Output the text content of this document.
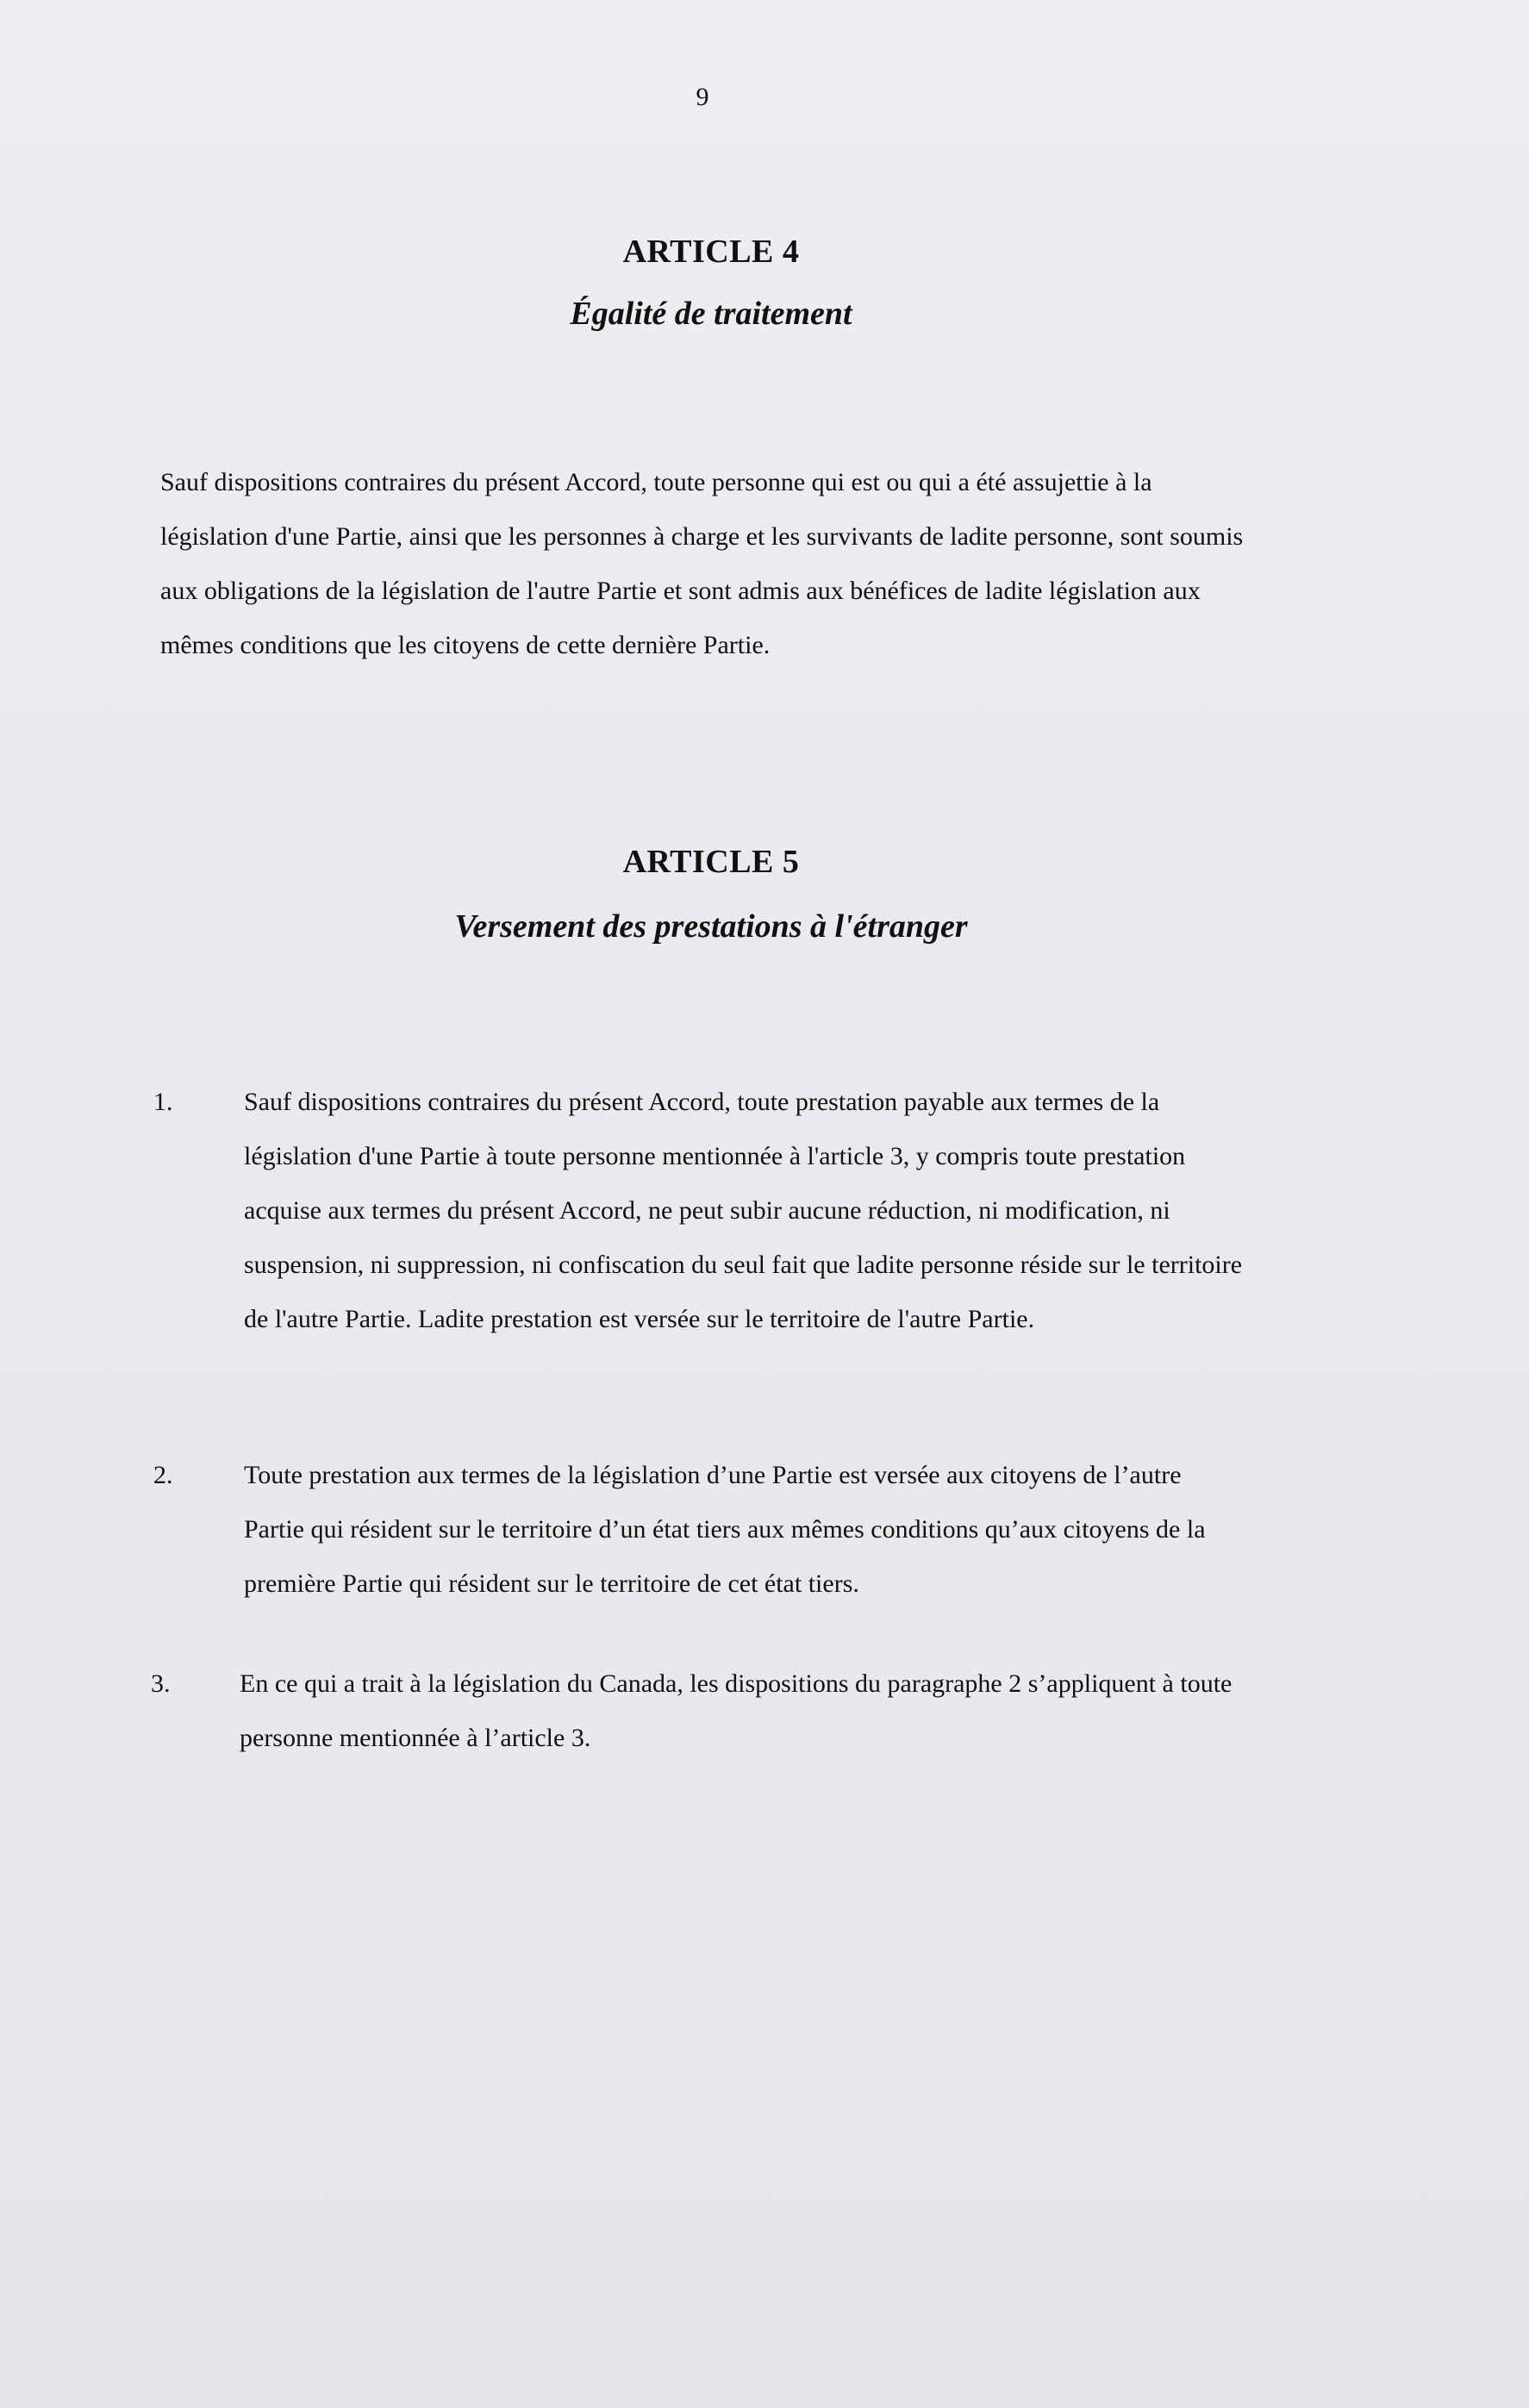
9
ARTICLE 4
Égalité de traitement
Sauf dispositions contraires du présent Accord, toute personne qui est ou qui a été assujettie à la législation d'une Partie, ainsi que les personnes à charge et les survivants de ladite personne, sont soumis aux obligations de la législation de l'autre Partie et sont admis aux bénéfices de ladite législation aux mêmes conditions que les citoyens de cette dernière Partie.
ARTICLE 5
Versement des prestations à l'étranger
1.	Sauf dispositions contraires du présent Accord, toute prestation payable aux termes de la législation d'une Partie à toute personne mentionnée à l'article 3, y compris toute prestation acquise aux termes du présent Accord, ne peut subir aucune réduction, ni modification, ni suspension, ni suppression, ni confiscation du seul fait que ladite personne réside sur le territoire de l'autre Partie. Ladite prestation est versée sur le territoire de l'autre Partie.
2.	Toute prestation aux termes de la législation d’une Partie est versée aux citoyens de l’autre Partie qui résident sur le territoire d’un état tiers aux mêmes conditions qu’aux citoyens de la première Partie qui résident sur le territoire de cet état tiers.
3.	En ce qui a trait à la législation du Canada, les dispositions du paragraphe 2 s’appliquent à toute personne mentionnée à l’article 3.
